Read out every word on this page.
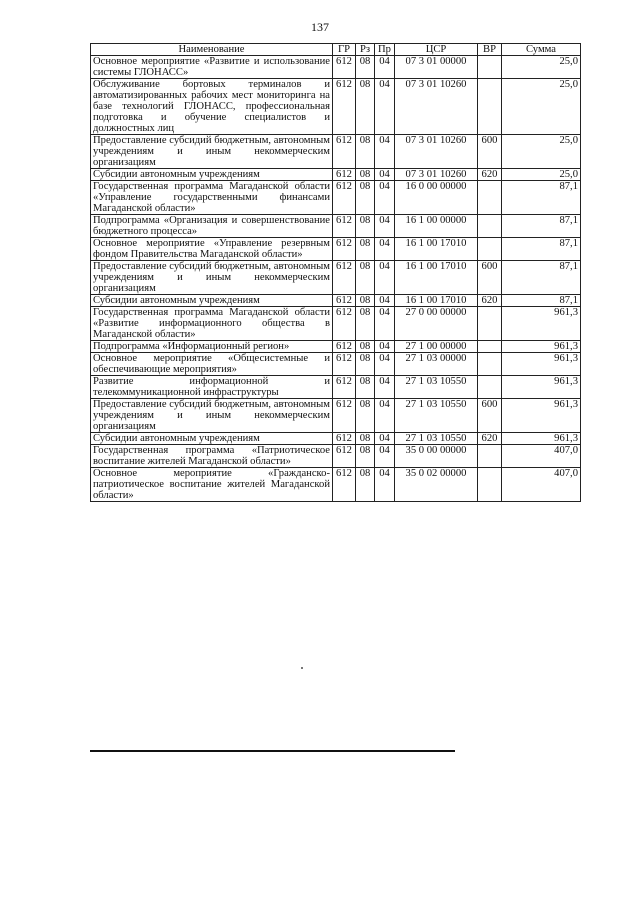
137
Наименование	ГР	Рз	Пр	ЦСР	ВР	Сумма
Основное мероприятие «Развитие и использование системы ГЛОНАСС»	612	08	04	07 3 01 00000		25,0
Обслуживание бортовых терминалов и автоматизированных рабочих мест мониторинга на базе технологий ГЛОНАСС, профессиональная подготовка и обучение специалистов и должностных лиц	612	08	04	07 3 01 10260		25,0
Предоставление субсидий бюджетным, автономным учреждениям и иным некоммерческим организациям	612	08	04	07 3 01 10260	600	25,0
Субсидии автономным учреждениям	612	08	04	07 3 01 10260	620	25,0
Государственная программа Магаданской области «Управление государственными финансами Магаданской области»	612	08	04	16 0 00 00000		87,1
Подпрограмма «Организация и совершенствование бюджетного процесса»	612	08	04	16 1 00 00000		87,1
Основное мероприятие «Управление резервным фондом Правительства Магаданской области»	612	08	04	16 1 00 17010		87,1
Предоставление субсидий бюджетным, автономным учреждениям и иным некоммерческим организациям	612	08	04	16 1 00 17010	600	87,1
Субсидии автономным учреждениям	612	08	04	16 1 00 17010	620	87,1
Государственная программа Магаданской области «Развитие информационного общества в Магаданской области»	612	08	04	27 0 00 00000		961,3
Подпрограмма «Информационный регион»	612	08	04	27 1 00 00000		961,3
Основное мероприятие «Общесистемные и обеспечивающие мероприятия»	612	08	04	27 1 03 00000		961,3
Развитие информационной и телекоммуникационной инфраструктуры	612	08	04	27 1 03 10550		961,3
Предоставление субсидий бюджетным, автономным учреждениям и иным некоммерческим организациям	612	08	04	27 1 03 10550	600	961,3
Субсидии автономным учреждениям	612	08	04	27 1 03 10550	620	961,3
Государственная программа «Патриотическое воспитание жителей Магаданской области»	612	08	04	35 0 00 00000		407,0
Основное мероприятие «Гражданско-патриотическое воспитание жителей Магаданской области»	612	08	04	35 0 02 00000		407,0
